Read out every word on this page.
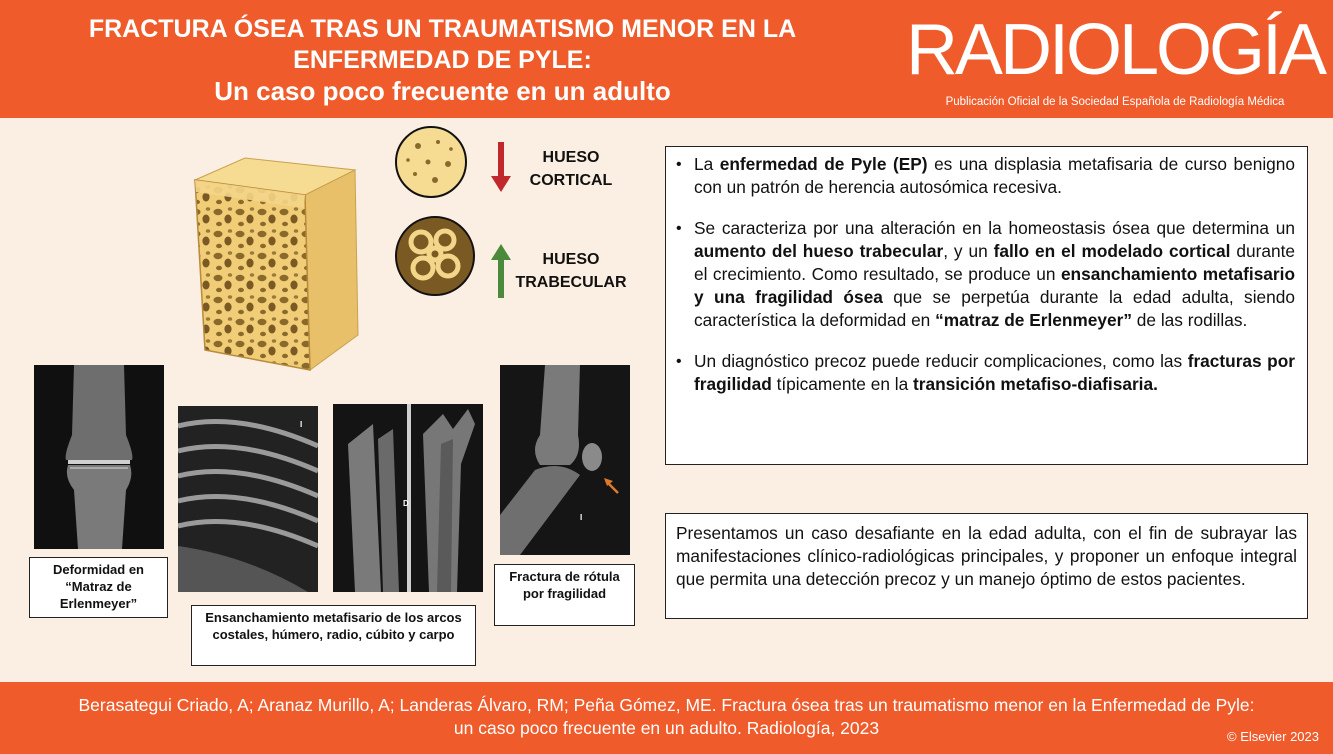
FRACTURA ÓSEA TRAS UN TRAUMATISMO MENOR EN LA
ENFERMEDAD DE PYLE:
Un caso poco frecuente en un adulto
RADIOLOGÍA
Publicación Oficial de la Sociedad Española de Radiología Médica
HUESO
CORTICAL
HUESO
TRABECULAR
I
D
I
Deformidad en “Matraz de Erlenmeyer”
Ensanchamiento metafisario de los arcos costales, húmero, radio, cúbito y carpo
Fractura de rótula por fragilidad
• La enfermedad de Pyle (EP) es una displasia metafisaria de curso benigno con un patrón de herencia autosómica recesiva.
• Se caracteriza por una alteración en la homeostasis ósea que determina un aumento del hueso trabecular, y un fallo en el modelado cortical durante el crecimiento. Como resultado, se produce un ensanchamiento metafisario y una fragilidad ósea que se perpetúa durante la edad adulta, siendo característica la deformidad en “matraz de Erlenmeyer” de las rodillas.
• Un diagnóstico precoz puede reducir complicaciones, como las fracturas por fragilidad típicamente en la transición metafiso-diafisaria.
Presentamos un caso desafiante en la edad adulta, con el fin de subrayar las manifestaciones clínico-radiológicas principales, y proponer un enfoque integral que permita una detección precoz y un manejo óptimo de estos pacientes.
Berasategui Criado, A; Aranaz Murillo, A; Landeras Álvaro, RM; Peña Gómez, ME. Fractura ósea tras un traumatismo menor en la Enfermedad de Pyle:
un caso poco frecuente en un adulto. Radiología, 2023	© Elsevier 2023
